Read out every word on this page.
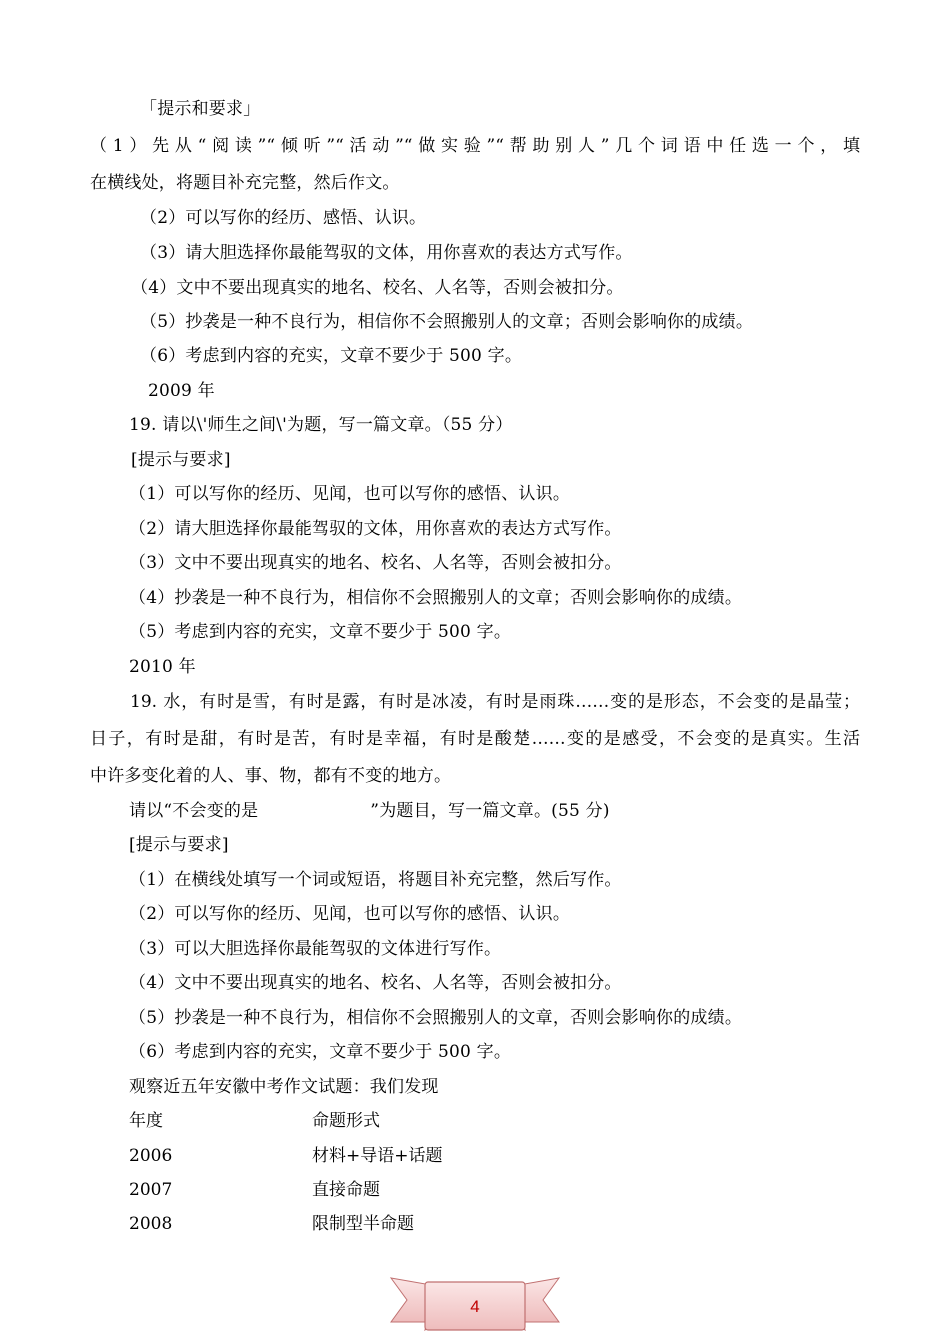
「提示和要求」
（1）先从“阅读”“倾听”“活动”“做实验”“帮助别人”几个词语中任选一个，填
在横线处，将题目补充完整，然后作文。
（2）可以写你的经历、感悟、认识。
（3）请大胆选择你最能驾驭的文体，用你喜欢的表达方式写作。
（4）文中不要出现真实的地名、校名、人名等，否则会被扣分。
（5）抄袭是一种不良行为，相信你不会照搬别人的文章；否则会影响你的成绩。
（6）考虑到内容的充实，文章不要少于 500 字。
2009 年
19. 请以\'师生之间\'为题，写一篇文章。（55 分）
[提示与要求]
（1）可以写你的经历、见闻，也可以写你的感悟、认识。
（2）请大胆选择你最能驾驭的文体，用你喜欢的表达方式写作。
（3）文中不要出现真实的地名、校名、人名等，否则会被扣分。
（4）抄袭是一种不良行为，相信你不会照搬别人的文章；否则会影响你的成绩。
（5）考虑到内容的充实，文章不要少于 500 字。
2010 年
19. 水，有时是雪，有时是露，有时是冰凌，有时是雨珠……变的是形态，不会变的是晶莹；
日子，有时是甜，有时是苦，有时是幸福，有时是酸楚……变的是感受，不会变的是真实。生活
中许多变化着的人、事、物，都有不变的地方。
请以“不会变的是	”为题目，写一篇文章。(55 分)
[提示与要求]
（1）在横线处填写一个词或短语，将题目补充完整，然后写作。
（2）可以写你的经历、见闻，也可以写你的感悟、认识。
（3）可以大胆选择你最能驾驭的文体进行写作。
（4）文中不要出现真实的地名、校名、人名等，否则会被扣分。
（5）抄袭是一种不良行为，相信你不会照搬别人的文章，否则会影响你的成绩。
（6）考虑到内容的充实，文章不要少于 500 字。
观察近五年安徽中考作文试题：我们发现
年度	命题形式
2006	材料+导语+话题
2007	直接命题
2008	限制型半命题
4
